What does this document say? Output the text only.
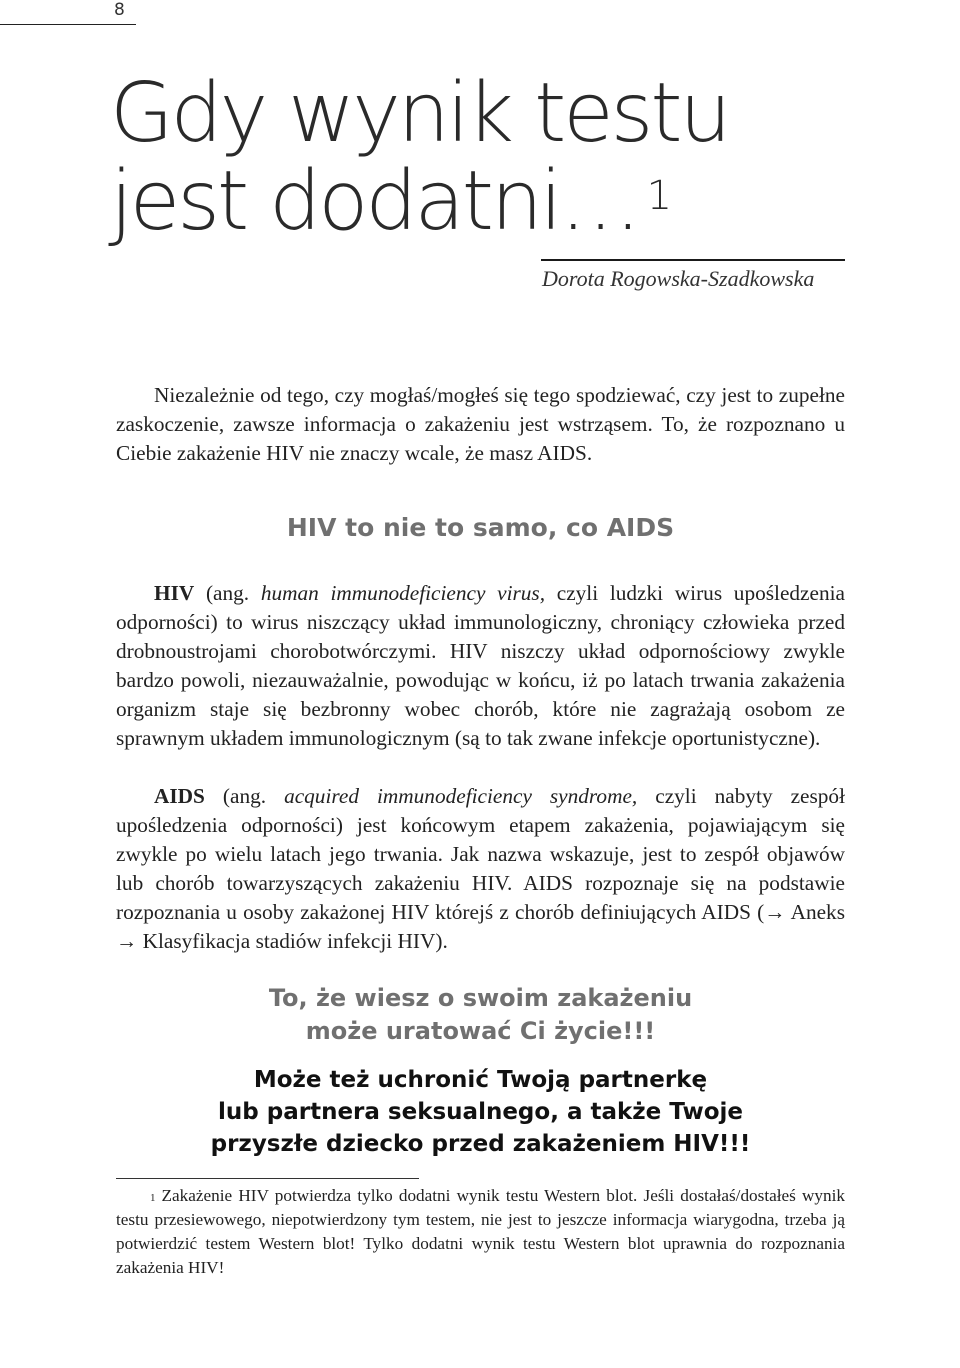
8
Gdy wynik testu
jest dodatni… $^1$
Dorota Rogowska-Szadkowska

Niezależnie od tego, czy mogłaś/mogłeś się tego spodziewać, czy jest to zupełne zaskoczenie, zawsze informacja o zakażeniu jest wstrząsem. To, że rozpoznano u Ciebie zakażenie HIV nie znaczy wcale, że masz AIDS.

HIV to nie to samo, co AIDS

HIV (ang. human immunodeficiency virus, czyli ludzki wirus upośledzenia odporności) to wirus niszczący układ immunologiczny, chroniący człowieka przed drobnoustrojami chorobotwórczymi. HIV niszczy układ odpornościowy zwykle bardzo powoli, niezauważalnie, powodując w końcu, iż po latach trwania zakażenia organizm staje się bezbronny wobec chorób, które nie zagrażają osobom ze sprawnym układem immunologicznym (są to tak zwane infekcje oportunistyczne).

AIDS (ang. acquired immunodeficiency syndrome, czyli nabyty zespół upośledzenia odporności) jest końcowym etapem zakażenia, pojawiającym się zwykle po wielu latach jego trwania. Jak nazwa wskazuje, jest to zespół objawów lub chorób towarzyszących zakażeniu HIV. AIDS rozpoznaje się na podstawie rozpoznania u osoby zakażonej HIV którejś z chorób definiujących AIDS (→ Aneks → Klasyfikacja stadiów infekcji HIV).

To, że wiesz o swoim zakażeniu
może uratować Ci życie!!!

Może też uchronić Twoją partnerkę
lub partnera seksualnego, a także Twoje
przyszłe dziecko przed zakażeniem HIV!!!

$^1$ Zakażenie HIV potwierdza tylko dodatni wynik testu Western blot. Jeśli dostałaś/dostałeś wynik testu przesiewowego, niepotwierdzony tym testem, nie jest to jeszcze informacja wiarygodna, trzeba ją potwierdzić testem Western blot! Tylko dodatni wynik testu Western blot uprawnia do rozpoznania zakażenia HIV!
